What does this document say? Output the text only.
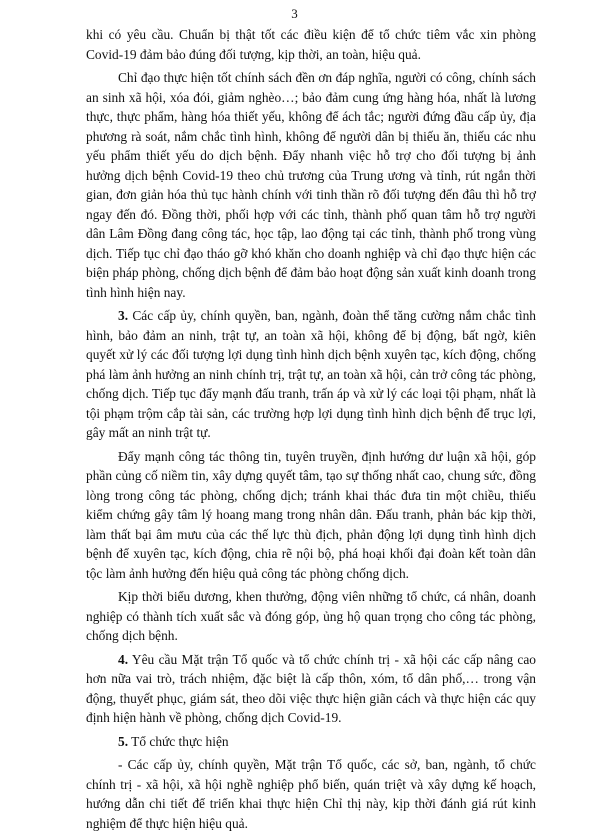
3

khi có yêu cầu. Chuẩn bị thật tốt các điều kiện để tổ chức tiêm vắc xin phòng Covid-19 đảm bảo đúng đối tượng, kịp thời, an toàn, hiệu quả.

Chỉ đạo thực hiện tốt chính sách đền ơn đáp nghĩa, người có công, chính sách an sinh xã hội, xóa đói, giảm nghèo…; bảo đảm cung ứng hàng hóa, nhất là lương thực, thực phẩm, hàng hóa thiết yếu, không để ách tắc; người đứng đầu cấp ủy, địa phương rà soát, nắm chắc tình hình, không để người dân bị thiếu ăn, thiếu các nhu yếu phẩm thiết yếu do dịch bệnh. Đẩy nhanh việc hỗ trợ cho đối tượng bị ảnh hưởng dịch bệnh Covid-19 theo chủ trương của Trung ương và tỉnh, rút ngắn thời gian, đơn giản hóa thủ tục hành chính với tinh thần rõ đối tượng đến đâu thì hỗ trợ ngay đến đó. Đồng thời, phối hợp với các tỉnh, thành phố quan tâm hỗ trợ người dân Lâm Đồng đang công tác, học tập, lao động tại các tỉnh, thành phố trong vùng dịch. Tiếp tục chỉ đạo tháo gỡ khó khăn cho doanh nghiệp và chỉ đạo thực hiện các biện pháp phòng, chống dịch bệnh để đảm bảo hoạt động sản xuất kinh doanh trong tình hình hiện nay.

3. Các cấp ủy, chính quyền, ban, ngành, đoàn thể tăng cường nắm chắc tình hình, bảo đảm an ninh, trật tự, an toàn xã hội, không để bị động, bất ngờ, kiên quyết xử lý các đối tượng lợi dụng tình hình dịch bệnh xuyên tạc, kích động, chống phá làm ảnh hưởng an ninh chính trị, trật tự, an toàn xã hội, cản trở công tác phòng, chống dịch. Tiếp tục đẩy mạnh đấu tranh, trấn áp và xử lý các loại tội phạm, nhất là tội phạm trộm cắp tài sản, các trường hợp lợi dụng tình hình dịch bệnh để trục lợi, gây mất an ninh trật tự.

Đẩy mạnh công tác thông tin, tuyên truyền, định hướng dư luận xã hội, góp phần củng cố niềm tin, xây dựng quyết tâm, tạo sự thống nhất cao, chung sức, đồng lòng trong công tác phòng, chống dịch; tránh khai thác đưa tin một chiều, thiếu kiểm chứng gây tâm lý hoang mang trong nhân dân. Đấu tranh, phản bác kịp thời, làm thất bại âm mưu của các thế lực thù địch, phản động lợi dụng tình hình dịch bệnh để xuyên tạc, kích động, chia rẽ nội bộ, phá hoại khối đại đoàn kết toàn dân tộc làm ảnh hưởng đến hiệu quả công tác phòng chống dịch.

Kịp thời biểu dương, khen thưởng, động viên những tổ chức, cá nhân, doanh nghiệp có thành tích xuất sắc và đóng góp, ủng hộ quan trọng cho công tác phòng, chống dịch bệnh.

4. Yêu cầu Mặt trận Tổ quốc và tổ chức chính trị - xã hội các cấp nâng cao hơn nữa vai trò, trách nhiệm, đặc biệt là cấp thôn, xóm, tổ dân phố,… trong vận động, thuyết phục, giám sát, theo dõi việc thực hiện giãn cách và thực hiện các quy định hiện hành về phòng, chống dịch Covid-19.

5. Tổ chức thực hiện

- Các cấp ủy, chính quyền, Mặt trận Tổ quốc, các sở, ban, ngành, tổ chức chính trị - xã hội, xã hội nghề nghiệp phổ biến, quán triệt và xây dựng kế hoạch, hướng dẫn chi tiết để triển khai thực hiện Chỉ thị này, kịp thời đánh giá rút kinh nghiệm để thực hiện hiệu quả.
